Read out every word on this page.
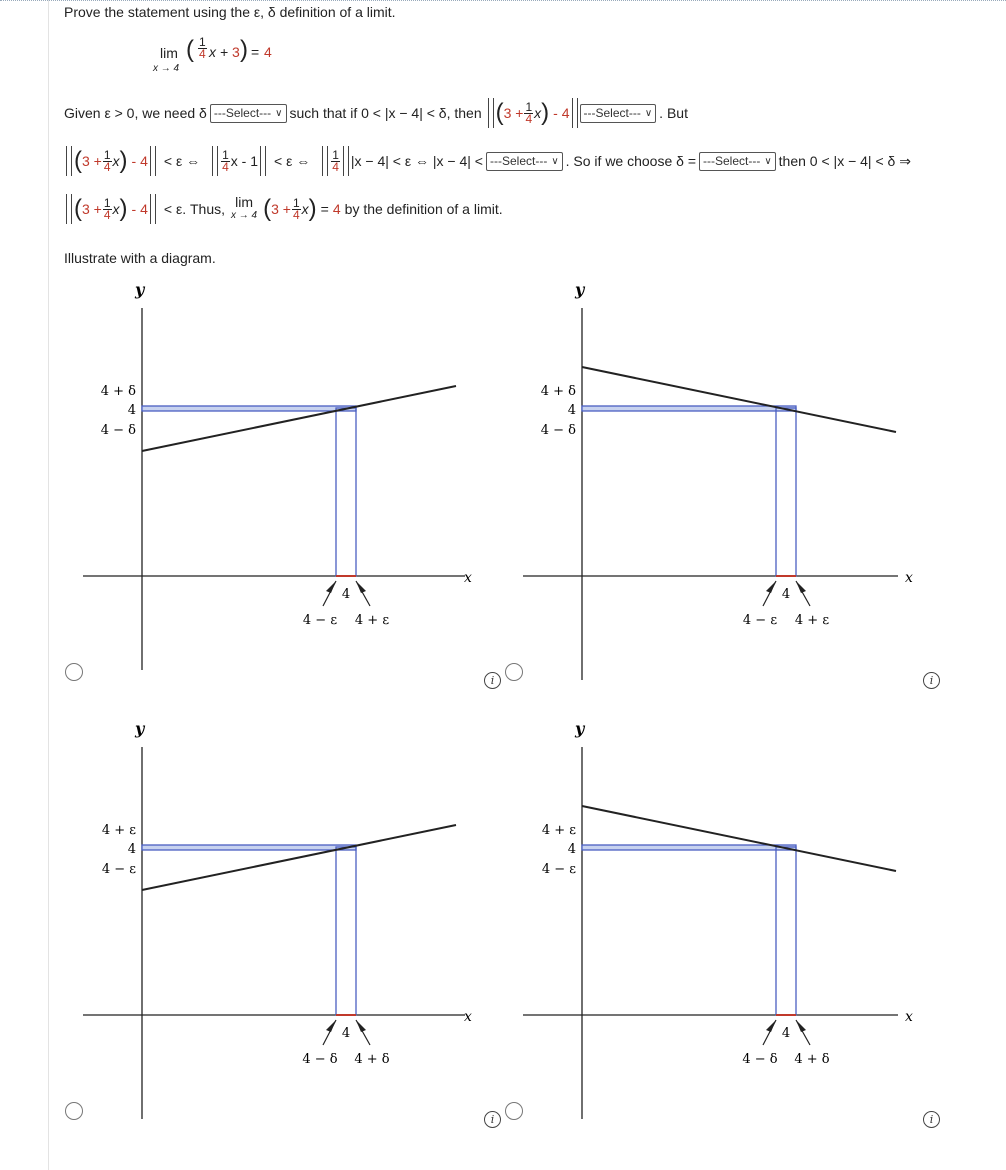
Prove the statement using the ε, δ definition of a limit.
lim
x → 4
( $\frac{1}{4}$ x + 3 ) = 4
Given ε > 0, we need δ ---Select--- ∨ such that if 0 < |x − 4| < δ, then ( $3 + \frac{1}{4}$ x ) - 4 ---Select--- ∨ . But
( $3 + \frac{1}{4}$ x ) - 4 < ε ⇔ $\frac{1}{4}$ x - 1 < ε ⇔ $\frac{1}{4} |x - 4| < \varepsilon$ ⇔ |x − 4| < ---Select--- ∨ . So if we choose δ = ---Select--- ∨ then 0 < |x − 4| < δ ⇒
( $3 + \frac{1}{4}$ x ) - 4 < ε. Thus, lim
x → 4 ( $3 + \frac{1}{4}$ x ) = 4 by the definition of a limit.
Illustrate with a diagram.
x
y
4 + δ
4
4 − δ
4
4 − ε 4 + ε
x
y
4 + δ
4
4 − δ
4
4 − ε 4 + ε
x
y
4 + ε
4
4 − ε
4
4 − δ 4 + δ
x
y
4 + ε
4
4 − ε
4
4 − δ 4 + δ
i	i
i	i
